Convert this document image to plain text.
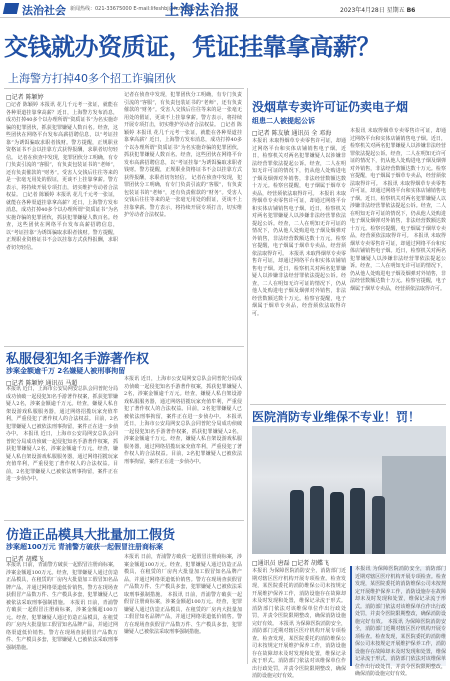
法治社会 新闻热线：021-33675000 E-mail:lifeshbj@fzzwb.com
上海法治报	2023年4月28日 星期五 B6
交钱就办资质证，凭证挂靠拿高薪？
上海警方打掉40多个招工诈骗团伙
□记者 陈颖婷
□记者 陈颖婷 本报讯 花几千元考一张证，就能在各种渠道挂靠拿高薪？近日，上海警方发布消息，成功打掉40多个以办理所谓“资质证书”为名实施诈骗的犯罪团伙，抓获犯罪嫌疑人数百名。经查，这些团伙在网络平台发布高薪招聘信息，以“考证挂靠”为诱饵骗取求职者钱财。警方提醒，正规职业资格证书不会以挂靠方式获得报酬，求职者切勿轻信。 记者在侦查中发现，犯罪团伙分工明确，有专门负责引流的“客服”，有负责包装证书的“老师”，还有负责催款的“财务”。受害人交钱后往往等来的是一张毫无用处的假证，更谈不上挂靠拿薪。警方表示，将持续开展专项打击，切实维护劳动者合法权益。 □记者 陈颖婷 本报讯 花几千元考一张证，就能在各种渠道挂靠拿高薪？近日，上海警方发布消息，成功打掉40多个以办理所谓“资质证书”为名实施诈骗的犯罪团伙，抓获犯罪嫌疑人数百名。经查，这些团伙在网络平台发布高薪招聘信息，以“考证挂靠”为诱饵骗取求职者钱财。警方提醒，正规职业资格证书不会以挂靠方式获得报酬，求职者切勿轻信。
记者在侦查中发现，犯罪团伙分工明确，有专门负责引流的“客服”，有负责包装证书的“老师”，还有负责催款的“财务”。受害人交钱后往往等来的是一张毫无用处的假证，更谈不上挂靠拿薪。警方表示，将持续开展专项打击，切实维护劳动者合法权益。 □记者 陈颖婷 本报讯 花几千元考一张证，就能在各种渠道挂靠拿高薪？近日，上海警方发布消息，成功打掉40多个以办理所谓“资质证书”为名实施诈骗的犯罪团伙，抓获犯罪嫌疑人数百名。经查，这些团伙在网络平台发布高薪招聘信息，以“考证挂靠”为诱饵骗取求职者钱财。警方提醒，正规职业资格证书不会以挂靠方式获得报酬，求职者切勿轻信。 记者在侦查中发现，犯罪团伙分工明确，有专门负责引流的“客服”，有负责包装证书的“老师”，还有负责催款的“财务”。受害人交钱后往往等来的是一张毫无用处的假证，更谈不上挂靠拿薪。警方表示，将持续开展专项打击，切实维护劳动者合法权益。
私服侵犯知名手游著作权
涉案金额逾千万 2名嫌疑人被刑事拘留
□记者 陈颖婷 通讯员 马超
本报讯 近日，上海市公安局网安总队会同普陀分局成功侦破一起侵犯知名手游著作权案，抓获犯罪嫌疑人2名，涉案金额逾千万元。经查，嫌疑人私自架设游戏私服服务器，通过网络招揽玩家充值牟利，严重侵犯了著作权人的合法权益。目前，2名犯罪嫌疑人已被依法刑事拘留，案件正在进一步侦办中。 本报讯 近日，上海市公安局网安总队会同普陀分局成功侦破一起侵犯知名手游著作权案，抓获犯罪嫌疑人2名，涉案金额逾千万元。经查，嫌疑人私自架设游戏私服服务器，通过网络招揽玩家充值牟利，严重侵犯了著作权人的合法权益。目前，2名犯罪嫌疑人已被依法刑事拘留，案件正在进一步侦办中。
本报讯 近日，上海市公安局网安总队会同普陀分局成功侦破一起侵犯知名手游著作权案，抓获犯罪嫌疑人2名，涉案金额逾千万元。经查，嫌疑人私自架设游戏私服服务器，通过网络招揽玩家充值牟利，严重侵犯了著作权人的合法权益。目前，2名犯罪嫌疑人已被依法刑事拘留，案件正在进一步侦办中。 本报讯 近日，上海市公安局网安总队会同普陀分局成功侦破一起侵犯知名手游著作权案，抓获犯罪嫌疑人2名，涉案金额逾千万元。经查，嫌疑人私自架设游戏私服服务器，通过网络招揽玩家充值牟利，严重侵犯了著作权人的合法权益。目前，2名犯罪嫌疑人已被依法刑事拘留，案件正在进一步侦办中。
仿造正品模具大批量加工假货
涉案超100万元 青浦警方破获一起假冒注册商标案
□记者 胡蝶飞
本报讯 日前，青浦警方破获一起假冒注册商标案，涉案金额超100万元。经查，犯罪嫌疑人通过仿造正品模具，在租赁的厂房内大批量加工假冒知名品牌产品，并通过网络渠道低价销售。警方在现场查获假冒产品数万件、生产模具多套，犯罪嫌疑人已被依法采取刑事强制措施。 本报讯 日前，青浦警方破获一起假冒注册商标案，涉案金额超100万元。经查，犯罪嫌疑人通过仿造正品模具，在租赁的厂房内大批量加工假冒知名品牌产品，并通过网络渠道低价销售。警方在现场查获假冒产品数万件、生产模具多套，犯罪嫌疑人已被依法采取刑事强制措施。
本报讯 日前，青浦警方破获一起假冒注册商标案，涉案金额超100万元。经查，犯罪嫌疑人通过仿造正品模具，在租赁的厂房内大批量加工假冒知名品牌产品，并通过网络渠道低价销售。警方在现场查获假冒产品数万件、生产模具多套，犯罪嫌疑人已被依法采取刑事强制措施。 本报讯 日前，青浦警方破获一起假冒注册商标案，涉案金额超100万元。经查，犯罪嫌疑人通过仿造正品模具，在租赁的厂房内大批量加工假冒知名品牌产品，并通过网络渠道低价销售。警方在现场查获假冒产品数万件、生产模具多套，犯罪嫌疑人已被依法采取刑事强制措施。
没烟草专卖许可证仍卖电子烟
组患二人被提起公诉
□记者 陈友敏 通讯员 全 邓海
本报讯 未取得烟草专卖零售许可证，却通过网络平台和实体店铺销售电子烟。近日，检察机关对两名犯罪嫌疑人以涉嫌非法经营罪依法提起公诉。经查，二人在明知无许可证的情况下，仍从他人处购进电子烟及烟弹对外销售，非法经营数额达数十万元。检察官提醒，电子烟属于烟草专卖品，经营须依法取得许可。 本报讯 未取得烟草专卖零售许可证，却通过网络平台和实体店铺销售电子烟。近日，检察机关对两名犯罪嫌疑人以涉嫌非法经营罪依法提起公诉。经查，二人在明知无许可证的情况下，仍从他人处购进电子烟及烟弹对外销售，非法经营数额达数十万元。检察官提醒，电子烟属于烟草专卖品，经营须依法取得许可。 本报讯 未取得烟草专卖零售许可证，却通过网络平台和实体店铺销售电子烟。近日，检察机关对两名犯罪嫌疑人以涉嫌非法经营罪依法提起公诉。经查，二人在明知无许可证的情况下，仍从他人处购进电子烟及烟弹对外销售，非法经营数额达数十万元。检察官提醒，电子烟属于烟草专卖品，经营须依法取得许可。
本报讯 未取得烟草专卖零售许可证，却通过网络平台和实体店铺销售电子烟。近日，检察机关对两名犯罪嫌疑人以涉嫌非法经营罪依法提起公诉。经查，二人在明知无许可证的情况下，仍从他人处购进电子烟及烟弹对外销售，非法经营数额达数十万元。检察官提醒，电子烟属于烟草专卖品，经营须依法取得许可。 本报讯 未取得烟草专卖零售许可证，却通过网络平台和实体店铺销售电子烟。近日，检察机关对两名犯罪嫌疑人以涉嫌非法经营罪依法提起公诉。经查，二人在明知无许可证的情况下，仍从他人处购进电子烟及烟弹对外销售，非法经营数额达数十万元。检察官提醒，电子烟属于烟草专卖品，经营须依法取得许可。 本报讯 未取得烟草专卖零售许可证，却通过网络平台和实体店铺销售电子烟。近日，检察机关对两名犯罪嫌疑人以涉嫌非法经营罪依法提起公诉。经查，二人在明知无许可证的情况下，仍从他人处购进电子烟及烟弹对外销售，非法经营数额达数十万元。检察官提醒，电子烟属于烟草专卖品，经营须依法取得许可。
医院消防专业维保不专业！罚！
□通讯员 唐磊 □记者 胡蝶飞
本报讯 为保障医院消防安全，消防部门近期对辖区医疗机构开展专项检查。检查发现，某医院委托的消防维保公司未按规定开展维护保养工作，消防设施存在故障却未及时发现和处置，维保记录流于形式。消防部门依法对该维保单位作出行政处罚，并责令医院限期整改，确保消防设施完好有效。 本报讯 为保障医院消防安全，消防部门近期对辖区医疗机构开展专项检查。检查发现，某医院委托的消防维保公司未按规定开展维护保养工作，消防设施存在故障却未及时发现和处置，维保记录流于形式。消防部门依法对该维保单位作出行政处罚，并责令医院限期整改，确保消防设施完好有效。
本报讯 为保障医院消防安全，消防部门近期对辖区医疗机构开展专项检查。检查发现，某医院委托的消防维保公司未按规定开展维护保养工作，消防设施存在故障却未及时发现和处置，维保记录流于形式。消防部门依法对该维保单位作出行政处罚，并责令医院限期整改，确保消防设施完好有效。 本报讯 为保障医院消防安全，消防部门近期对辖区医疗机构开展专项检查。检查发现，某医院委托的消防维保公司未按规定开展维护保养工作，消防设施存在故障却未及时发现和处置，维保记录流于形式。消防部门依法对该维保单位作出行政处罚，并责令医院限期整改，确保消防设施完好有效。
